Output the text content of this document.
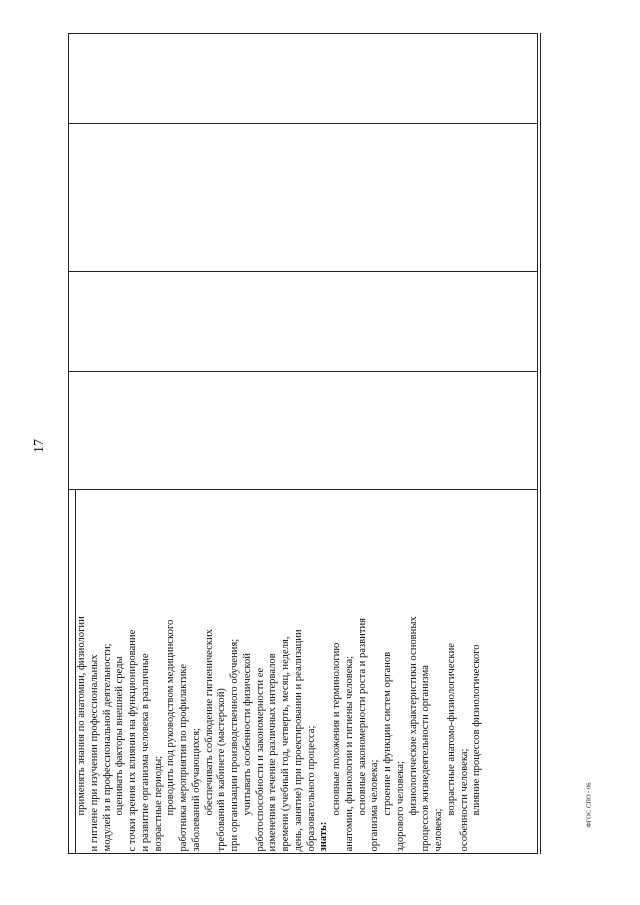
17
ФГОС СПО - 06
применять знания по анатомии, физиологии и гигиене при изучении профессиональных модулей и в профессиональной деятельности; оценивать факторы внешней среды с точки зрения их влияния на функционирование и развитие организма человека в различные возрастные периоды; проводить под руководством медицинского работника мероприятия по профилактике заболеваний обучающихся; обеспечивать соблюдение гигиенических требований в кабинете (мастерской) при организации производственного обучения; учитывать особенности физической работоспособности и закономерности ее изменения в течение различных интервалов времени (учебный год, четверть, месяц, неделя, день, занятие) при проектировании и реализации образовательного процесса; знать:
основные положения и терминологию анатомии, физиологии и гигиены человека; основные закономерности роста и развития организма человека; строение и функции систем органов здорового человека; физиологические характеристики основных процессов жизнедеятельности организма человека;
возрастные анатомо-физиологические особенности человека; влияние процессов физиологического
